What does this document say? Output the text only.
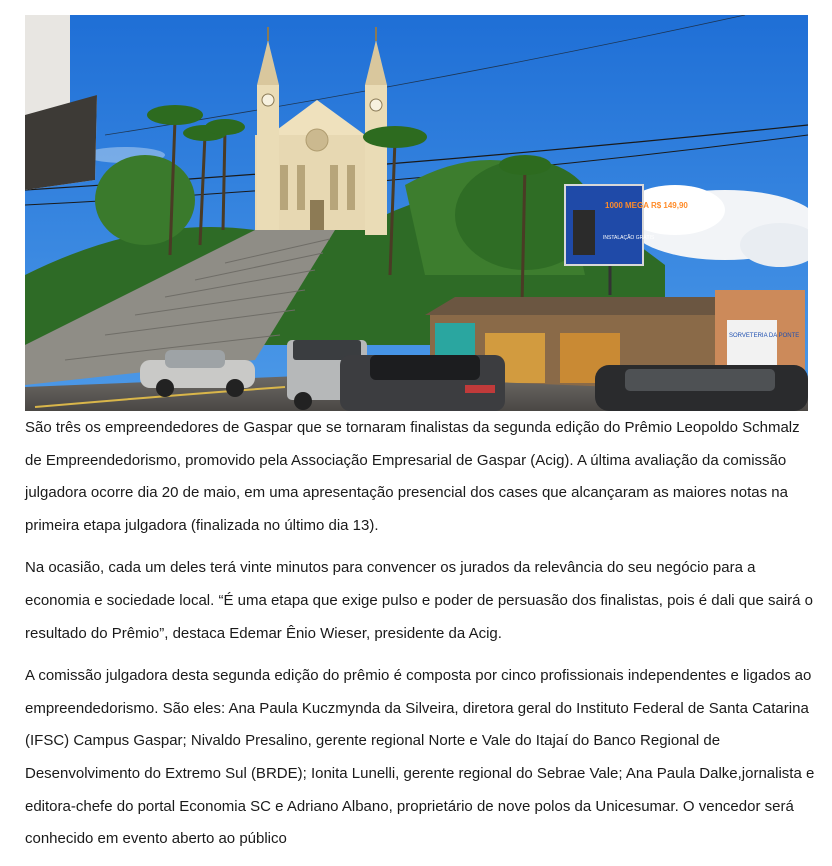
1000 MEGA R$ 149,90
INSTALAÇÃO GRÁTIS
SORVETERIA DA PONTE

São três os empreendedores de Gaspar que se tornaram finalistas da segunda edição do Prêmio Leopoldo Schmalz de Empreendedorismo, promovido pela Associação Empresarial de Gaspar (Acig). A última avaliação da comissão julgadora ocorre dia 20 de maio, em uma apresentação presencial dos cases que alcançaram as maiores notas na primeira etapa julgadora (finalizada no último dia 13).

Na ocasião, cada um deles terá vinte minutos para convencer os jurados da relevância do seu negócio para a economia e sociedade local. “É uma etapa que exige pulso e poder de persuasão dos finalistas, pois é dali que sairá o resultado do Prêmio”, destaca Edemar Ênio Wieser, presidente da Acig.

A comissão julgadora desta segunda edição do prêmio é composta por cinco profissionais independentes e ligados ao empreendedorismo. São eles: Ana Paula Kuczmynda da Silveira, diretora geral do Instituto Federal de Santa Catarina (IFSC) Campus Gaspar; Nivaldo Presalino, gerente regional Norte e Vale do Itajaí do Banco Regional de Desenvolvimento do Extremo Sul (BRDE); Ionita Lunelli, gerente regional do Sebrae Vale; Ana Paula Dalke,jornalista e editora-chefe do portal Economia SC e Adriano Albano, proprietário de nove polos da Unicesumar. O vencedor será conhecido em evento aberto ao público
